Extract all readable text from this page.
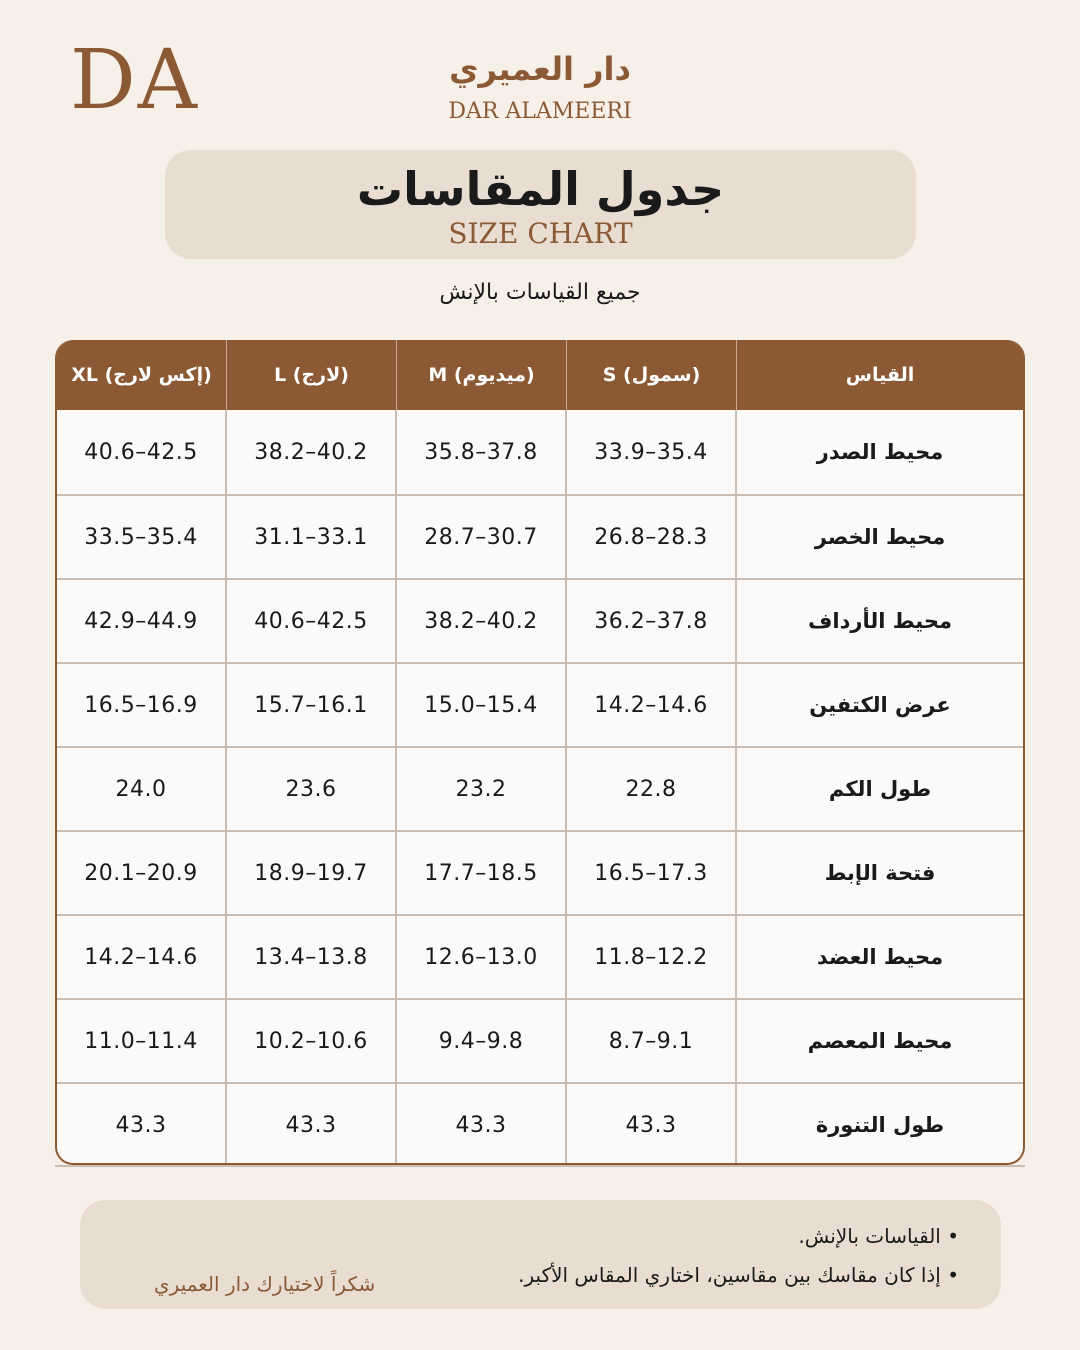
DA	دار العميري
DAR ALAMEERI
جدول المقاسات
SIZE CHART
جميع القياسات بالإنش
XL (إكس لارج)	L (لارج)	M (ميديوم)	S (سمول)	القياس
40.6–42.5	38.2–40.2	35.8–37.8	33.9–35.4	محيط الصدر
33.5–35.4	31.1–33.1	28.7–30.7	26.8–28.3	محيط الخصر
42.9–44.9	40.6–42.5	38.2–40.2	36.2–37.8	محيط الأرداف
16.5–16.9	15.7–16.1	15.0–15.4	14.2–14.6	عرض الكتفين
24.0	23.6	23.2	22.8	طول الكم
20.1–20.9	18.9–19.7	17.7–18.5	16.5–17.3	فتحة الإبط
14.2–14.6	13.4–13.8	12.6–13.0	11.8–12.2	محيط العضد
11.0–11.4	10.2–10.6	9.4–9.8	8.7–9.1	محيط المعصم
43.3	43.3	43.3	43.3	طول التنورة
• القياسات بالإنش.
• إذا كان مقاسك بين مقاسين، اختاري المقاس الأكبر.
شكراً لاختيارك دار العميري
